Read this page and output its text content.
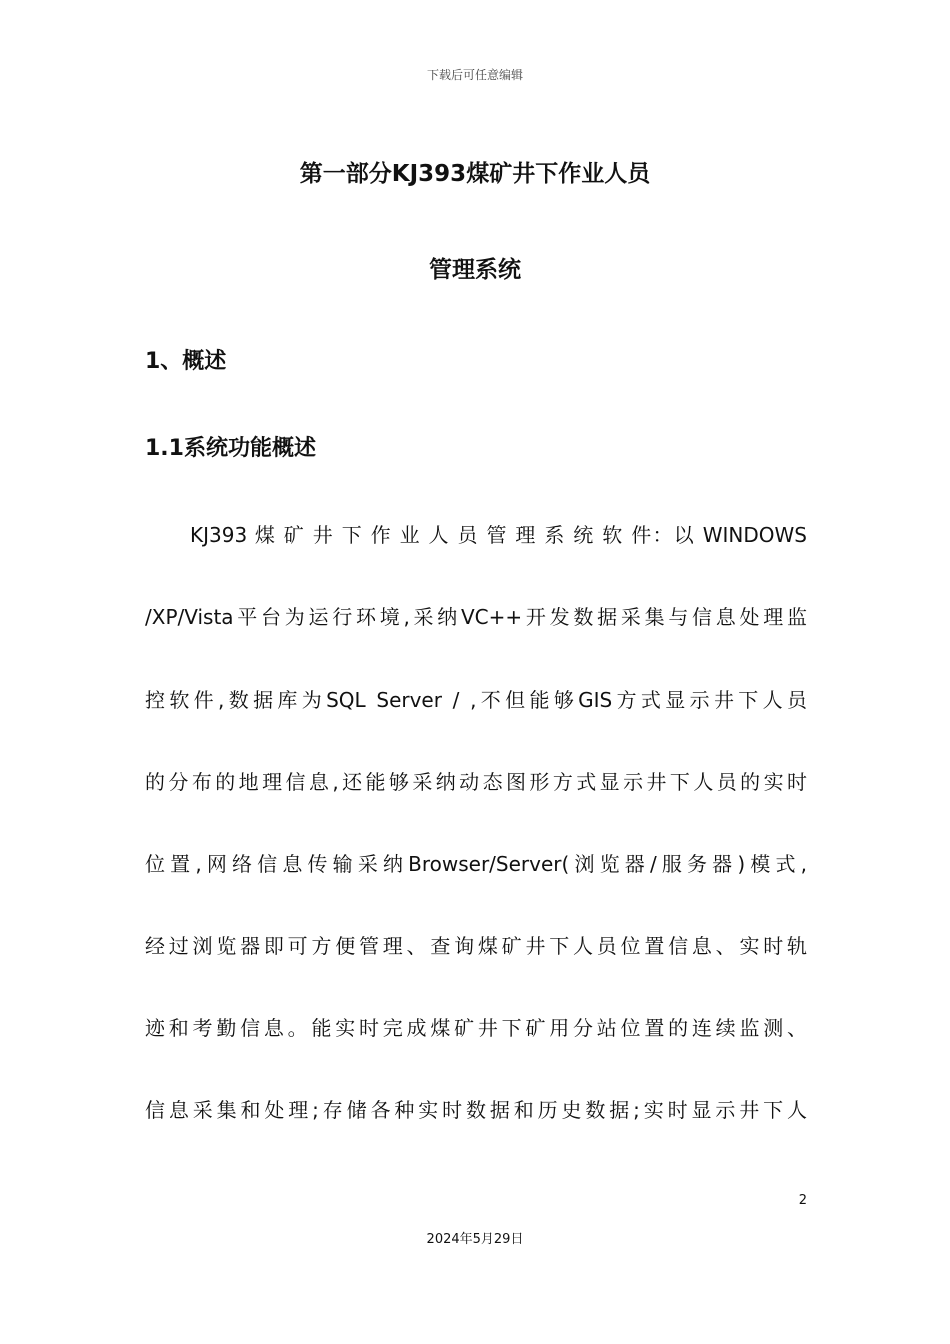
下载后可任意编辑
第一部分KJ393煤矿井下作业人员
管理系统
1、概述
1.1系统功能概述
KJ393 煤 矿 井 下 作 业 人 员 管 理 系 统 软 件：以 WINDOWS
/XP/Vista平台为运行环境,采纳VC++开发数据采集与信息处理监
控软件,数据库为SQL Server / ,不但能够GIS方式显示井下人员
的分布的地理信息,还能够采纳动态图形方式显示井下人员的实时
位置,网络信息传输采纳Browser/Server(浏览器/服务器)模式,
经过浏览器即可方便管理、查询煤矿井下人员位置信息、实时轨
迹和考勤信息。能实时完成煤矿井下矿用分站位置的连续监测、
信息采集和处理;存储各种实时数据和历史数据;实时显示井下人
2
2024年5月29日
